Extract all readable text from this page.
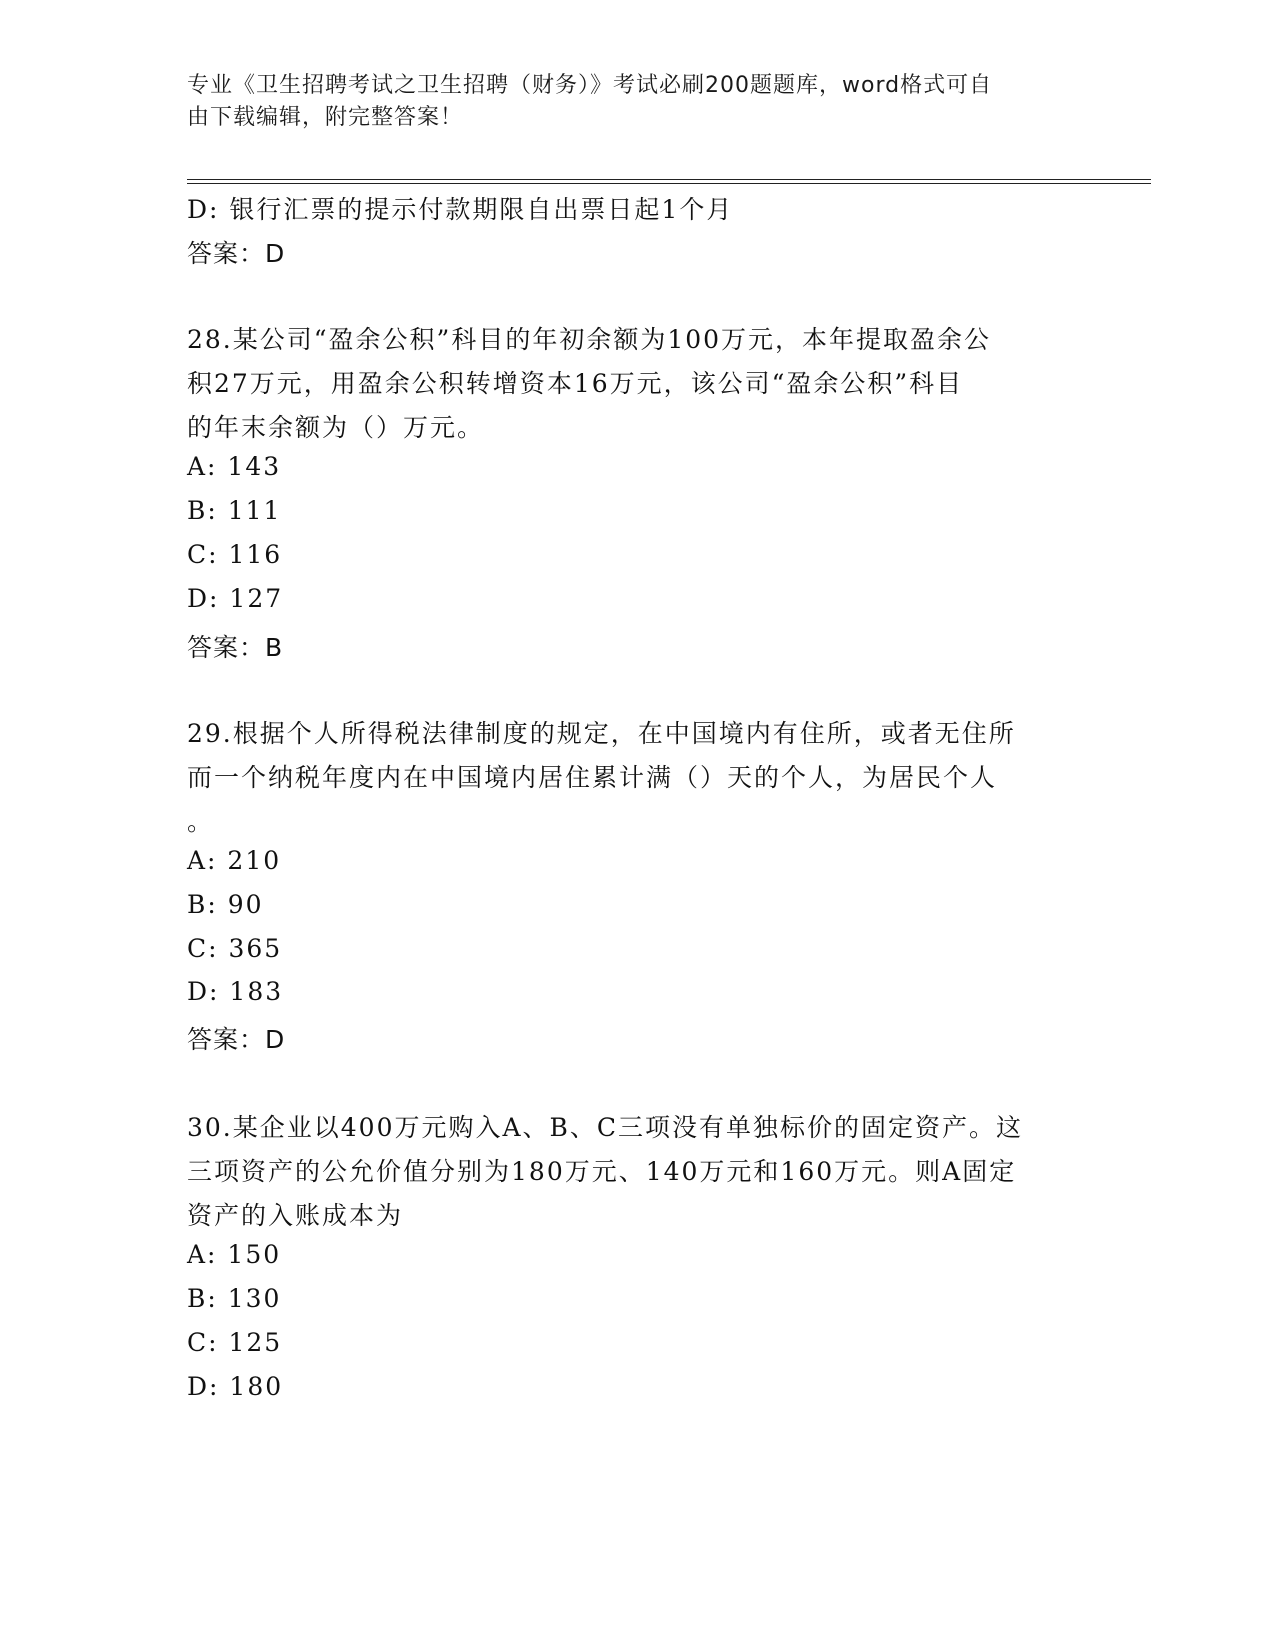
专业《卫生招聘考试之卫生招聘（财务）》考试必刷200题题库，word格式可自
由下载编辑，附完整答案！
D: 银行汇票的提示付款期限自出票日起1个月
答案：D
28.某公司“盈余公积”科目的年初余额为100万元，本年提取盈余公
积27万元，用盈余公积转增资本16万元，该公司“盈余公积”科目
的年末余额为（）万元。
A: 143
B: 111
C: 116
D: 127
答案：B
29.根据个人所得税法律制度的规定，在中国境内有住所，或者无住所
而一个纳税年度内在中国境内居住累计满（）天的个人，为居民个人
。
A: 210
B: 90
C: 365
D: 183
答案：D
30.某企业以400万元购入A、B、C三项没有单独标价的固定资产。这
三项资产的公允价值分别为180万元、140万元和160万元。则A固定
资产的入账成本为
A: 150
B: 130
C: 125
D: 180
